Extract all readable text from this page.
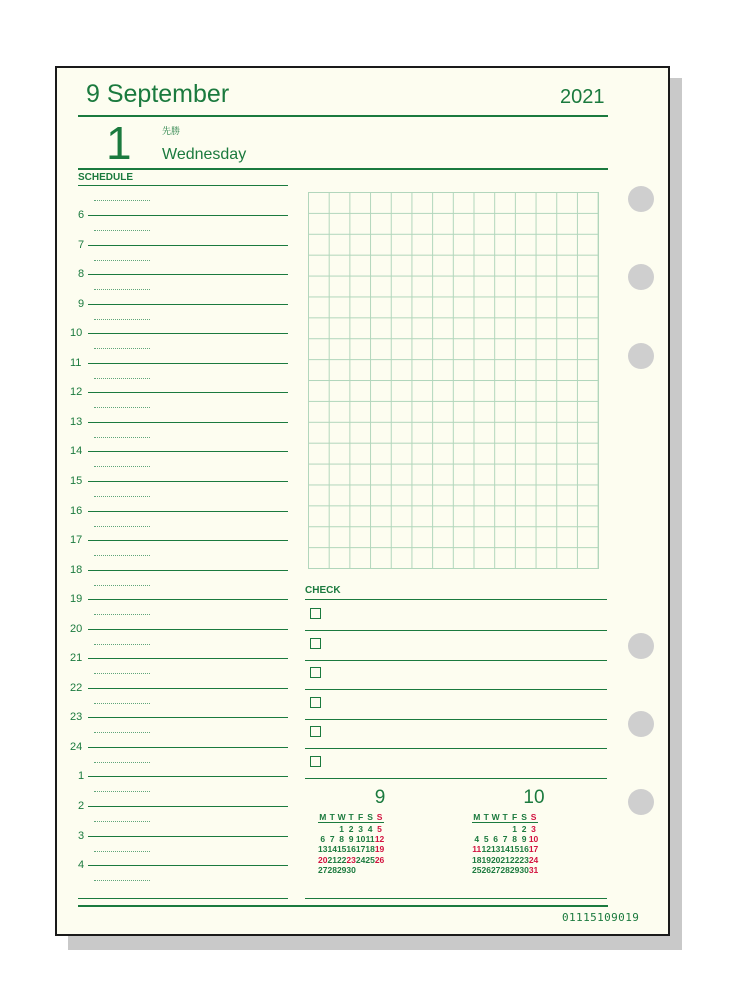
9 September	2021
1	先勝
Wednesday
SCHEDULE
6
7
8
9
10
11
12
13
14
15
16
17
18
19
20
21
22
23
24
1
2
3
4
CHECK
9
M	T	W	T	F	S	S
		1	2	3	4	5
6	7	8	9	10	11	12
13	14	15	16	17	18	19
20	21	22	23	24	25	26
27	28	29	30			
10
M	T	W	T	F	S	S
				1	2	3
4	5	6	7	8	9	10
11	12	13	14	15	16	17
18	19	20	21	22	23	24
25	26	27	28	29	30	31
01115109019
